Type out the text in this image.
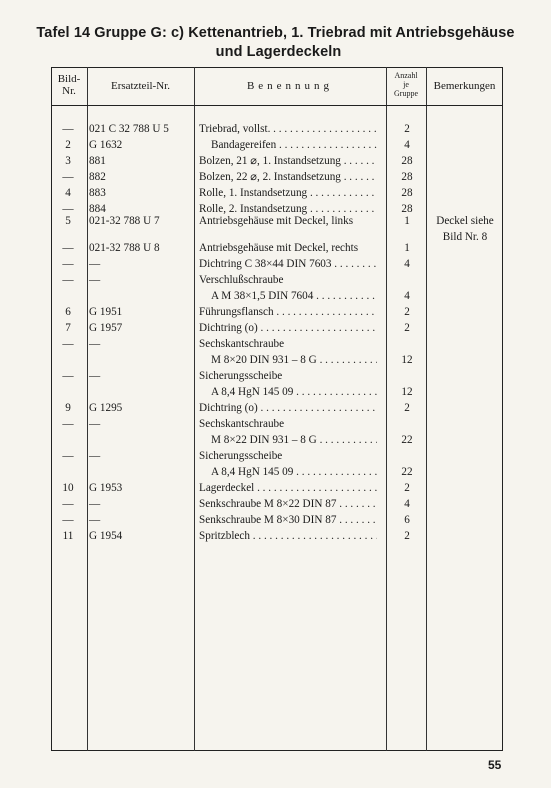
Tafel 14 Gruppe G: c) Kettenantrieb, 1. Triebrad mit Antriebsgehäuse
und Lagerdeckeln
Bild-
Nr.	Ersatzteil-Nr.	Benennung
Anzahl
je
Gruppe
Bemerkungen
—	021 C 32 788 U 5	Triebrad, vollst. . . .	2
2	G 1632	Bandagereifen . . .	4
3	881	Bolzen, 21 ⌀, 1. Instandsetzung . . .	28
—	882	Bolzen, 22 ⌀, 2. Instandsetzung . . .	28
4	883	Rolle, 1. Instandsetzung . . .	28
—	884	Rolle, 2. Instandsetzung . . .	28
5	021-32 788 U 7	Antriebsgehäuse mit Deckel, links	1	Deckel siehe
Bild Nr. 8
—	021-32 788 U 8	Antriebsgehäuse mit Deckel, rechts	1
—	—	Dichtring C 38×44 DIN 7603 . . .	4
—	—	Verschlußschraube
A M 38×1,5 DIN 7604 . . .	4
6	G 1951	Führungsflansch . . .	2
7	G 1957	Dichtring (o) . . .	2
—	—	Sechskantschraube
M 8×20 DIN 931 – 8 G . . .	12
—	—	Sicherungsscheibe
A 8,4 HgN 145 09 . . .	12
9	G 1295	Dichtring (o) . . .	2
—	—	Sechskantschraube
M 8×22 DIN 931 – 8 G . . .	22
—	—	Sicherungsscheibe
A 8,4 HgN 145 09 . . .	22
10	G 1953	Lagerdeckel . . .	2
—	—	Senkschraube M 8×22 DIN 87 . . .	4
—	—	Senkschraube M 8×30 DIN 87 . . .	6
11	G 1954	Spritzblech . . .	2
55
